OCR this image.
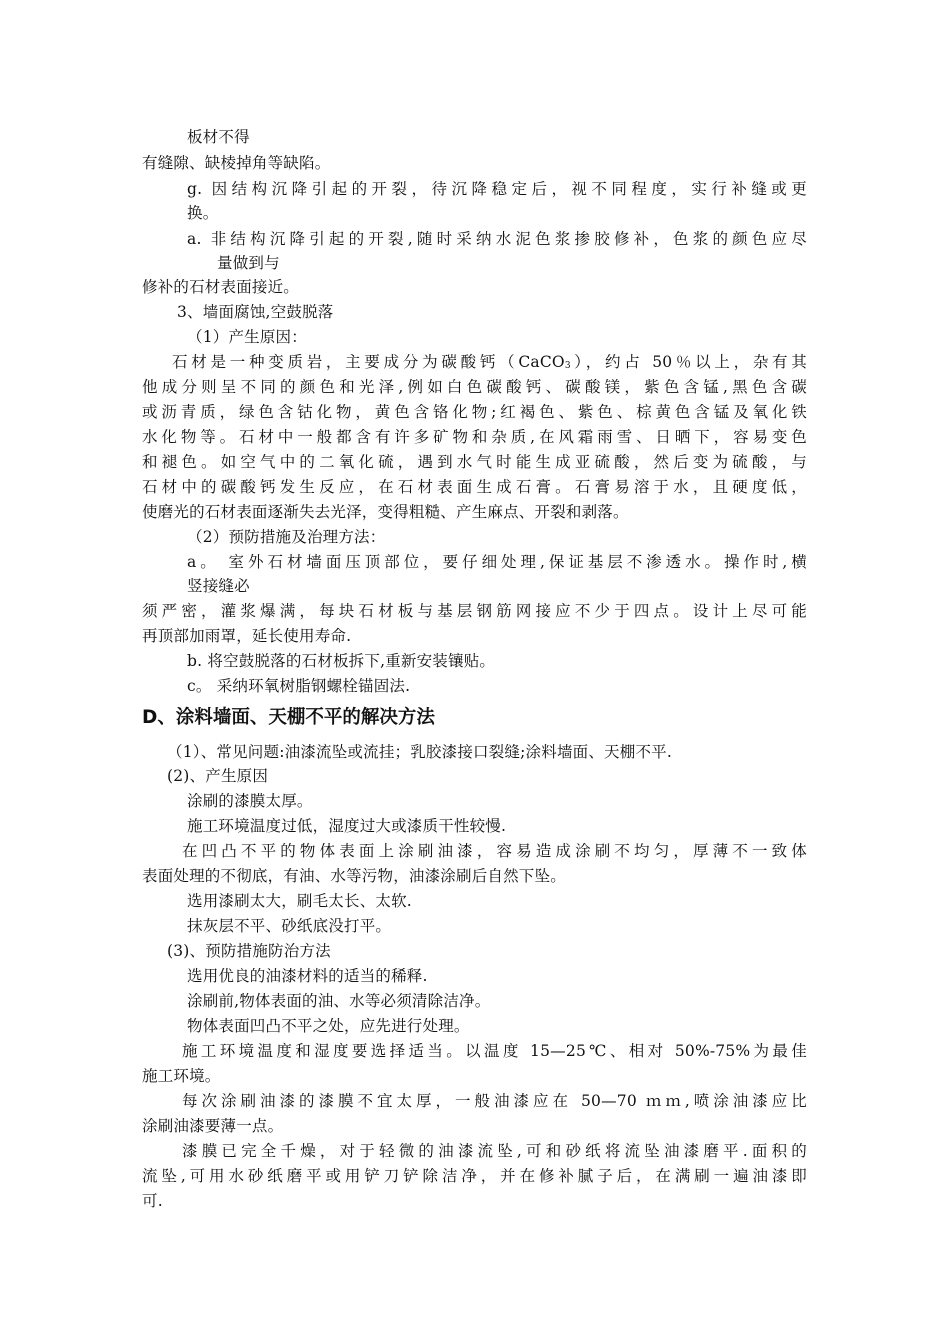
板材不得

有缝隙、缺棱掉角等缺陷。

g. 因结构沉降引起的开裂，待沉降稳定后，视不同程度，实行补缝或更

换。

a. 非结构沉降引起的开裂,随时采纳水泥色浆掺胶修补，色浆的颜色应尽

量做到与

修补的石材表面接近。

3、墙面腐蚀,空鼓脱落

（1）产生原因：

石材是一种变质岩，主要成分为碳酸钙（CaCO$_3$），约占 50％以上，杂有其

他成分则呈不同的颜色和光泽,例如白色碳酸钙、碳酸镁，紫色含锰,黑色含碳

或沥青质，绿色含钴化物，黄色含铬化物;红褐色、紫色、棕黄色含锰及氧化铁

水化物等。石材中一般都含有许多矿物和杂质,在风霜雨雪、日晒下，容易变色

和褪色。如空气中的二氧化硫，遇到水气时能生成亚硫酸，然后变为硫酸，与

石材中的碳酸钙发生反应，在石材表面生成石膏。石膏易溶于水，且硬度低，

使磨光的石材表面逐渐失去光泽，变得粗糙、产生麻点、开裂和剥落。

（2）预防措施及治理方法：

a。 室外石材墙面压顶部位，要仔细处理,保证基层不渗透水。操作时,横

竖接缝必

须严密，灌浆爆满，每块石材板与基层钢筋网接应不少于四点。设计上尽可能

再顶部加雨罩，延长使用寿命.

b. 将空鼓脱落的石材板拆下,重新安装镶贴。

c。 采纳环氧树脂钢螺栓锚固法.

D、涂料墙面、天棚不平的解决方法

（1）、常见问题:油漆流坠或流挂；乳胶漆接口裂缝;涂料墙面、天棚不平.

(2)、产生原因

涂刷的漆膜太厚。

施工环境温度过低，湿度过大或漆质干性较慢.

在凹凸不平的物体表面上涂刷油漆，容易造成涂刷不均匀，厚薄不一致体

表面处理的不彻底，有油、水等污物，油漆涂刷后自然下坠。

选用漆刷太大，刷毛太长、太软.

抹灰层不平、砂纸底没打平。

(3)、预防措施防治方法

选用优良的油漆材料的适当的稀释.

涂刷前,物体表面的油、水等必须清除洁净。

物体表面凹凸不平之处，应先进行处理。

施工环境温度和湿度要选择适当。以温度 15—25℃、相对 50%-75%为最佳

施工环境。

每次涂刷油漆的漆膜不宜太厚，一般油漆应在 50—70 ｍｍ,喷涂油漆应比

涂刷油漆要薄一点。

漆膜已完全千燥，对于轻微的油漆流坠,可和砂纸将流坠油漆磨平.面积的

流坠,可用水砂纸磨平或用铲刀铲除洁净，并在修补腻子后，在满刷一遍油漆即

可.
